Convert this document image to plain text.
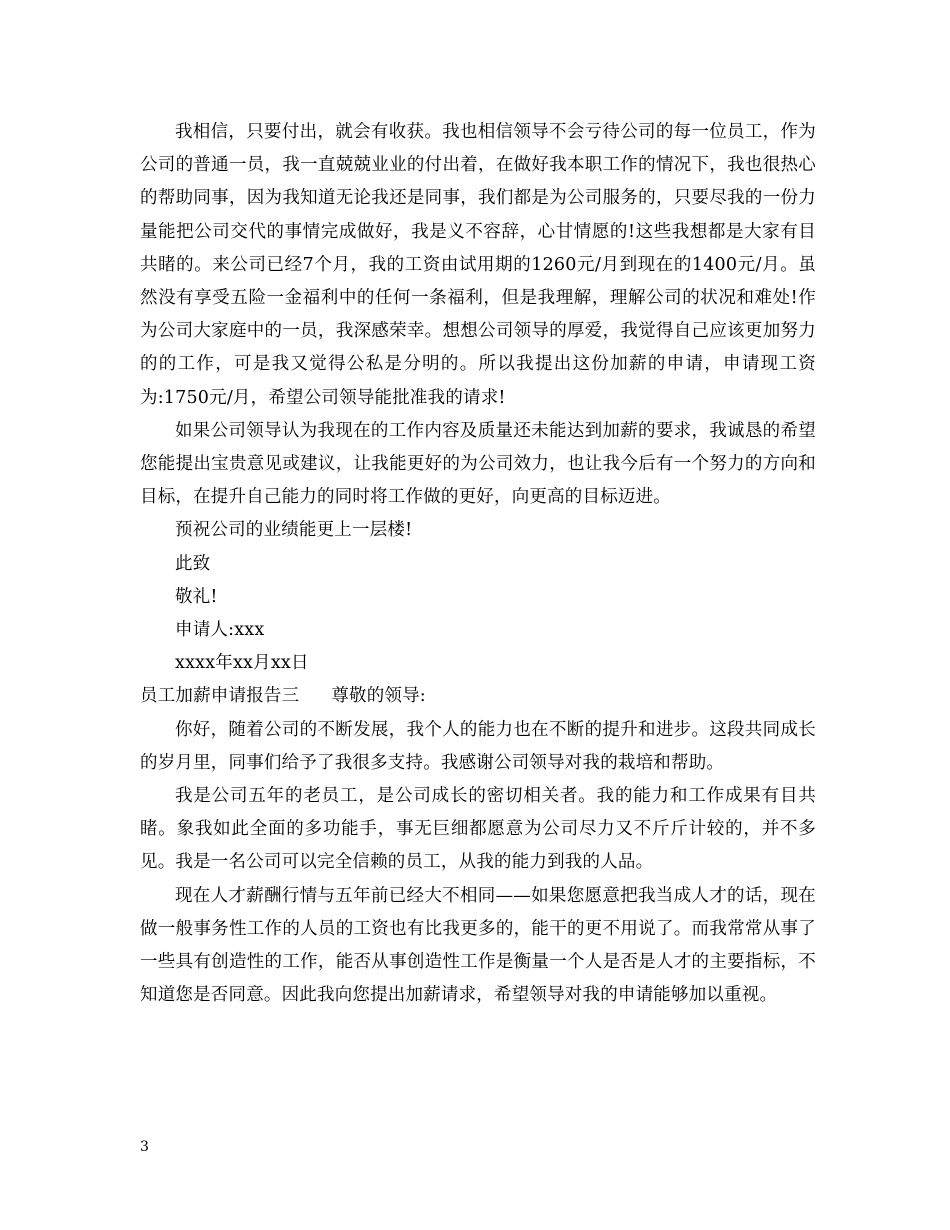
我相信，只要付出，就会有收获。我也相信领导不会亏待公司的每一位员工，作为公司的普通一员，我一直兢兢业业的付出着，在做好我本职工作的情况下，我也很热心的帮助同事，因为我知道无论我还是同事，我们都是为公司服务的，只要尽我的一份力量能把公司交代的事情完成做好，我是义不容辞，心甘情愿的!这些我想都是大家有目共睹的。来公司已经7个月，我的工资由试用期的1260元/月到现在的1400元/月。虽然没有享受五险一金福利中的任何一条福利，但是我理解，理解公司的状况和难处!作为公司大家庭中的一员，我深感荣幸。想想公司领导的厚爱，我觉得自己应该更加努力的的工作，可是我又觉得公私是分明的。所以我提出这份加薪的申请，申请现工资为:1750元/月，希望公司领导能批准我的请求!

如果公司领导认为我现在的工作内容及质量还未能达到加薪的要求，我诚恳的希望您能提出宝贵意见或建议，让我能更好的为公司效力，也让我今后有一个努力的方向和目标，在提升自己能力的同时将工作做的更好，向更高的目标迈进。

预祝公司的业绩能更上一层楼!

此致

敬礼!

申请人:xxx

xxxx年xx月xx日

员工加薪申请报告三 尊敬的领导:

你好，随着公司的不断发展，我个人的能力也在不断的提升和进步。这段共同成长的岁月里，同事们给予了我很多支持。我感谢公司领导对我的栽培和帮助。

我是公司五年的老员工，是公司成长的密切相关者。我的能力和工作成果有目共睹。象我如此全面的多功能手，事无巨细都愿意为公司尽力又不斤斤计较的，并不多见。我是一名公司可以完全信赖的员工，从我的能力到我的人品。

现在人才薪酬行情与五年前已经大不相同——如果您愿意把我当成人才的话，现在做一般事务性工作的人员的工资也有比我更多的，能干的更不用说了。而我常常从事了一些具有创造性的工作，能否从事创造性工作是衡量一个人是否是人才的主要指标，不知道您是否同意。因此我向您提出加薪请求，希望领导对我的申请能够加以重视。

3
